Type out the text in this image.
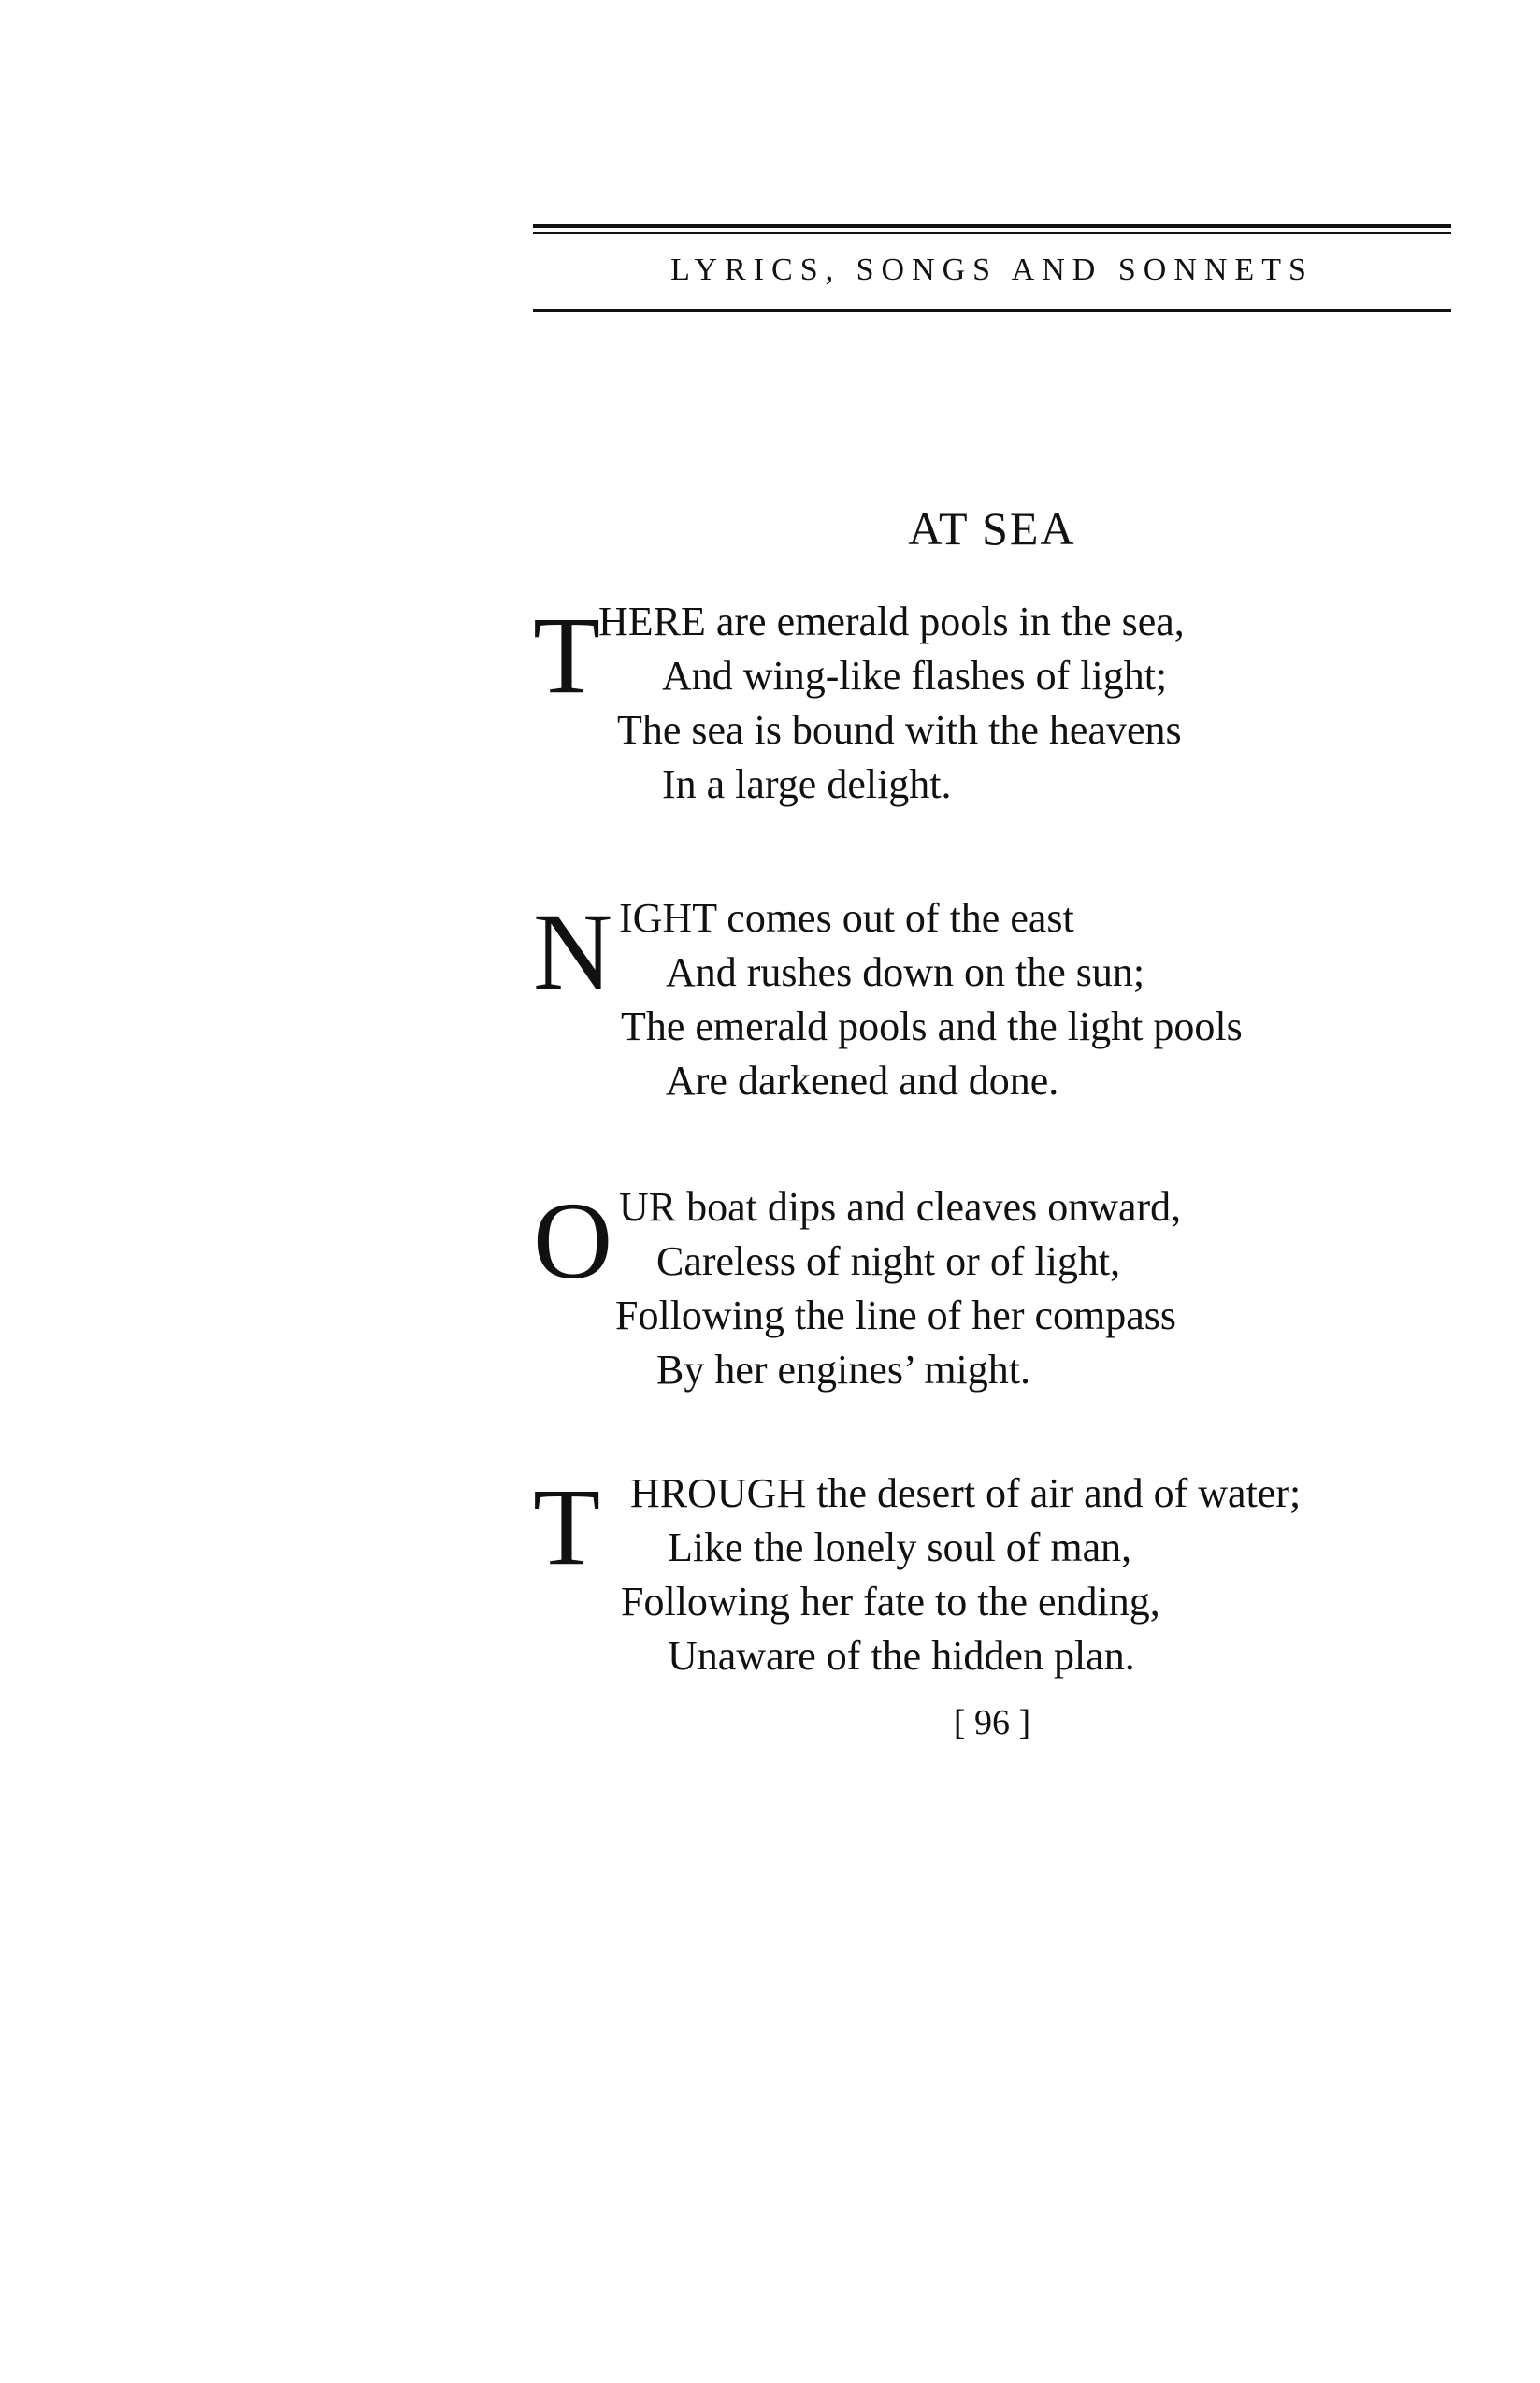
LYRICS, SONGS AND SONNETS
AT SEA
T
HERE are emerald pools in the sea,
And wing-like flashes of light;
The sea is bound with the heavens
In a large delight.
N IGHT comes out of the east
And rushes down on the sun;
The emerald pools and the light pools
Are darkened and done.
O UR boat dips and cleaves onward,
Careless of night or of light,
Following the line of her compass
By her engines’ might.
T HROUGH the desert of air and of water;
Like the lonely soul of man,
Following her fate to the ending,
Unaware of the hidden plan.
[ 96 ]
